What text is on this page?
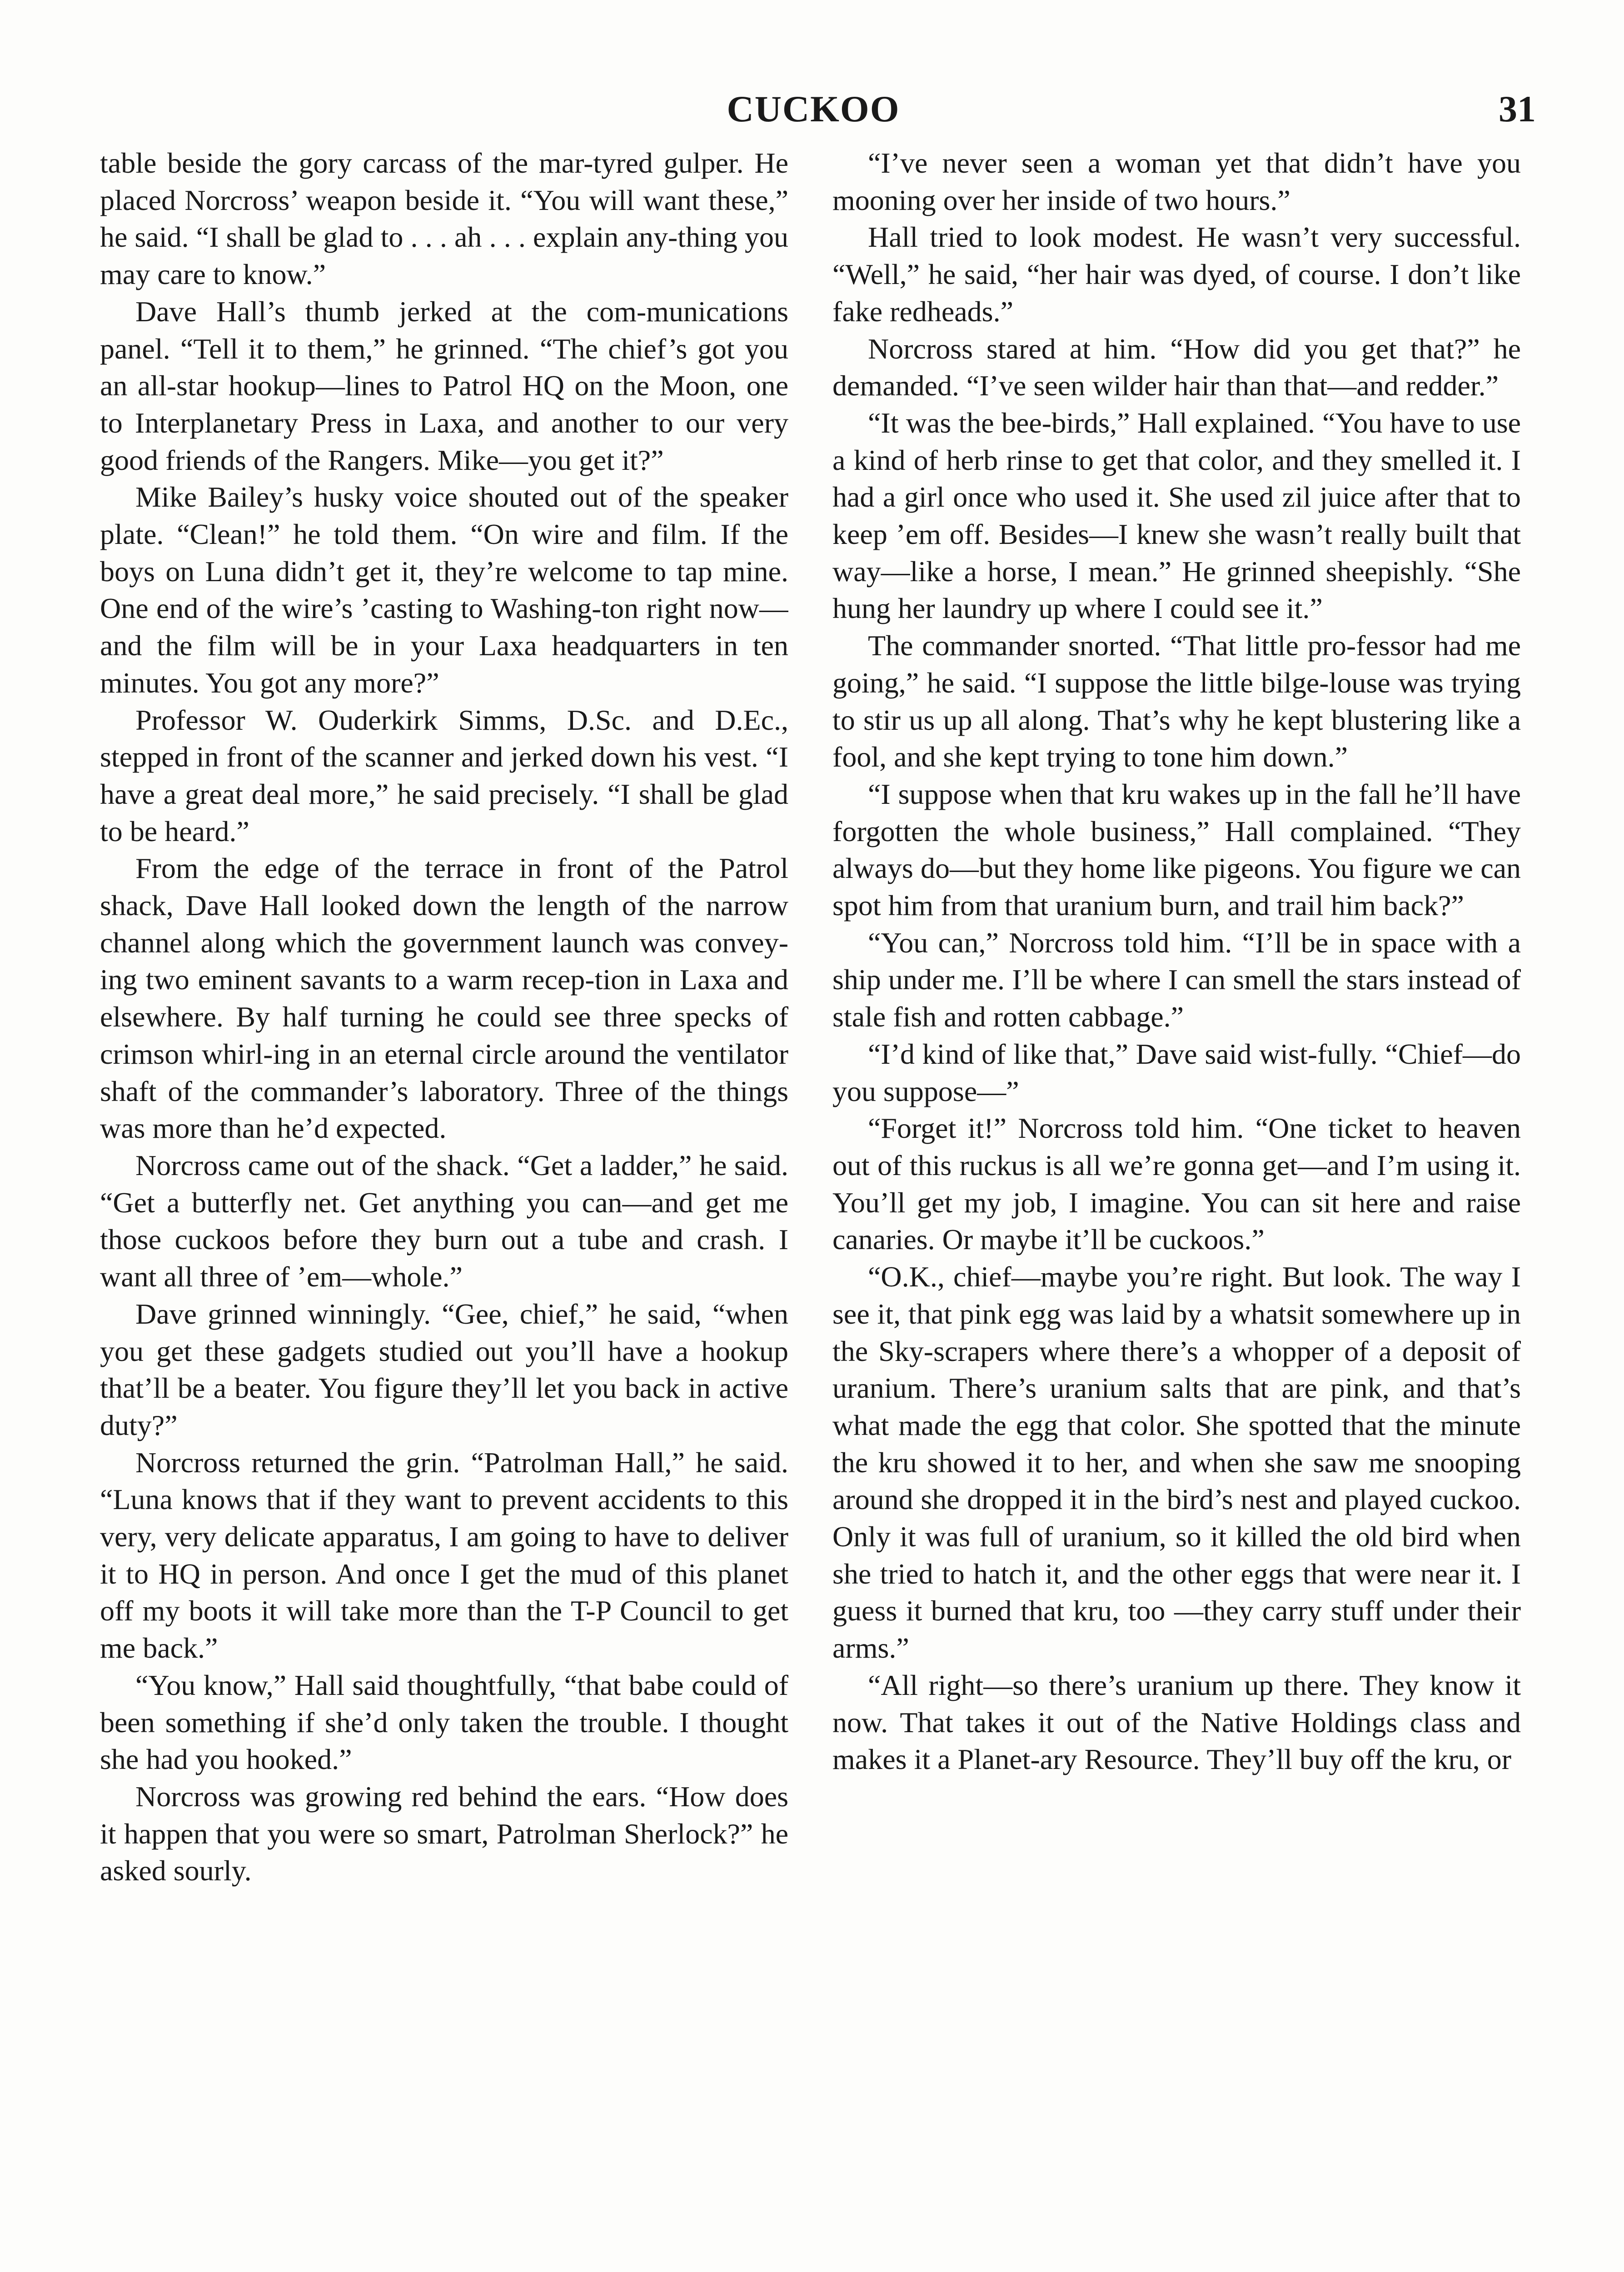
CUCKOO	31

table beside the gory carcass of the mar-tyred gulper. He placed Norcross’ weapon beside it. “You will want these,” he said. “I shall be glad to . . . ah . . . explain any-thing you may care to know.”

Dave Hall’s thumb jerked at the com-munications panel. “Tell it to them,” he grinned. “The chief’s got you an all-star hookup—lines to Patrol HQ on the Moon, one to Interplanetary Press in Laxa, and another to our very good friends of the Rangers. Mike—you get it?”

Mike Bailey’s husky voice shouted out of the speaker plate. “Clean!” he told them. “On wire and film. If the boys on Luna didn’t get it, they’re welcome to tap mine. One end of the wire’s ’casting to Washing-ton right now—and the film will be in your Laxa headquarters in ten minutes. You got any more?”

Professor W. Ouderkirk Simms, D.Sc. and D.Ec., stepped in front of the scanner and jerked down his vest. “I have a great deal more,” he said precisely. “I shall be glad to be heard.”

From the edge of the terrace in front of the Patrol shack, Dave Hall looked down the length of the narrow channel along which the government launch was convey-ing two eminent savants to a warm recep-tion in Laxa and elsewhere. By half turning he could see three specks of crimson whirl-ing in an eternal circle around the ventilator shaft of the commander’s laboratory. Three of the things was more than he’d expected.

Norcross came out of the shack. “Get a ladder,” he said. “Get a butterfly net. Get anything you can—and get me those cuckoos before they burn out a tube and crash. I want all three of ’em—whole.”

Dave grinned winningly. “Gee, chief,” he said, “when you get these gadgets studied out you’ll have a hookup that’ll be a beater. You figure they’ll let you back in active duty?”

Norcross returned the grin. “Patrolman Hall,” he said. “Luna knows that if they want to prevent accidents to this very, very delicate apparatus, I am going to have to deliver it to HQ in person. And once I get the mud of this planet off my boots it will take more than the T-P Council to get me back.”

“You know,” Hall said thoughtfully, “that babe could of been something if she’d only taken the trouble. I thought she had you hooked.”

Norcross was growing red behind the ears. “How does it happen that you were so smart, Patrolman Sherlock?” he asked sourly.

“I’ve never seen a woman yet that didn’t have you mooning over her inside of two hours.”

Hall tried to look modest. He wasn’t very successful. “Well,” he said, “her hair was dyed, of course. I don’t like fake redheads.”

Norcross stared at him. “How did you get that?” he demanded. “I’ve seen wilder hair than that—and redder.”

“It was the bee-birds,” Hall explained. “You have to use a kind of herb rinse to get that color, and they smelled it. I had a girl once who used it. She used zil juice after that to keep ’em off. Besides—I knew she wasn’t really built that way—like a horse, I mean.” He grinned sheepishly. “She hung her laundry up where I could see it.”

The commander snorted. “That little pro-fessor had me going,” he said. “I suppose the little bilge-louse was trying to stir us up all along. That’s why he kept blustering like a fool, and she kept trying to tone him down.”

“I suppose when that kru wakes up in the fall he’ll have forgotten the whole business,” Hall complained. “They always do—but they home like pigeons. You figure we can spot him from that uranium burn, and trail him back?”

“You can,” Norcross told him. “I’ll be in space with a ship under me. I’ll be where I can smell the stars instead of stale fish and rotten cabbage.”

“I’d kind of like that,” Dave said wist-fully. “Chief—do you suppose—”

“Forget it!” Norcross told him. “One ticket to heaven out of this ruckus is all we’re gonna get—and I’m using it. You’ll get my job, I imagine. You can sit here and raise canaries. Or maybe it’ll be cuckoos.”

“O.K., chief—maybe you’re right. But look. The way I see it, that pink egg was laid by a whatsit somewhere up in the Sky-scrapers where there’s a whopper of a deposit of uranium. There’s uranium salts that are pink, and that’s what made the egg that color. She spotted that the minute the kru showed it to her, and when she saw me snooping around she dropped it in the bird’s nest and played cuckoo. Only it was full of uranium, so it killed the old bird when she tried to hatch it, and the other eggs that were near it. I guess it burned that kru, too —they carry stuff under their arms.”

“All right—so there’s uranium up there. They know it now. That takes it out of the Native Holdings class and makes it a Planet-ary Resource. They’ll buy off the kru, or
